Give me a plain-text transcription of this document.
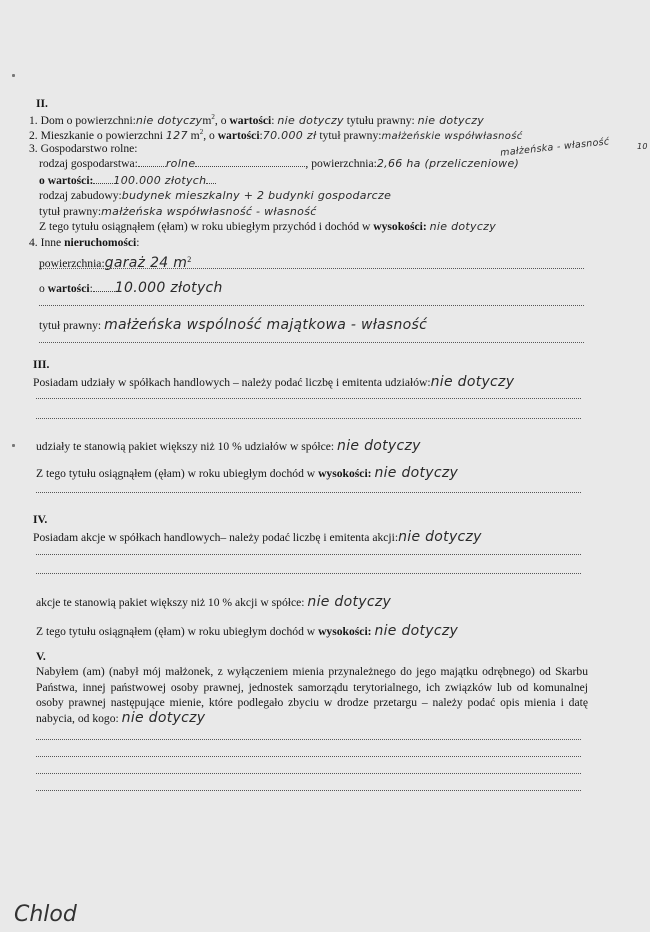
II.
1. Dom o powierzchni:nie dotyczym$^2$, o wartości: nie dotyczy tytułu prawny: nie dotyczy
2. Mieszkanie o powierzchni 127 $m^2$, o wartości:70.000 zł tytuł prawny:małżeńskie współwłasność
małżeńska - własność	10
3. Gospodarstwo rolne:
rodzaj gospodarstwa:	rolne	, powierzchnia:2,66 ha (przeliczeniowe)
o wartości: 100.000 złotych
rodzaj zabudowy:budynek mieszkalny + 2 budynki gospodarcze
tytuł prawny:małżeńska współwłasność - własność
Z tego tytułu osiągnąłem (ęłam) w roku ubiegłym przychód i dochód w wysokości: nie dotyczy
4. Inne nieruchomości:
powierzchnia:garaż 24 $m^2$
o wartości: 10.000 złotych
tytuł prawny: małżeńska wspólność majątkowa - własność
III.
Posiadam udziały w spółkach handlowych – należy podać liczbę i emitenta udziałów:nie dotyczy
udziały te stanowią pakiet większy niż 10 % udziałów w spółce: nie dotyczy
Z tego tytułu osiągnąłem (ęłam) w roku ubiegłym dochód w wysokości: nie dotyczy
IV.
Posiadam akcje w spółkach handlowych– należy podać liczbę i emitenta akcji:nie dotyczy
akcje te stanowią pakiet większy niż 10 % akcji w spółce: nie dotyczy
Z tego tytułu osiągnąłem (ęłam) w roku ubiegłym dochód w wysokości: nie dotyczy
V.
Nabyłem (am) (nabył mój małżonek, z wyłączeniem mienia przynależnego do jego majątku odrębnego) od Skarbu Państwa, innej państwowej osoby prawnej, jednostek samorządu terytorialnego, ich związków lub od komunalnej osoby prawnej następujące mienie, które podlegało zbyciu w drodze przetargu – należy podać opis mienia i datę nabycia, od kogo: nie dotyczy
Chlod
